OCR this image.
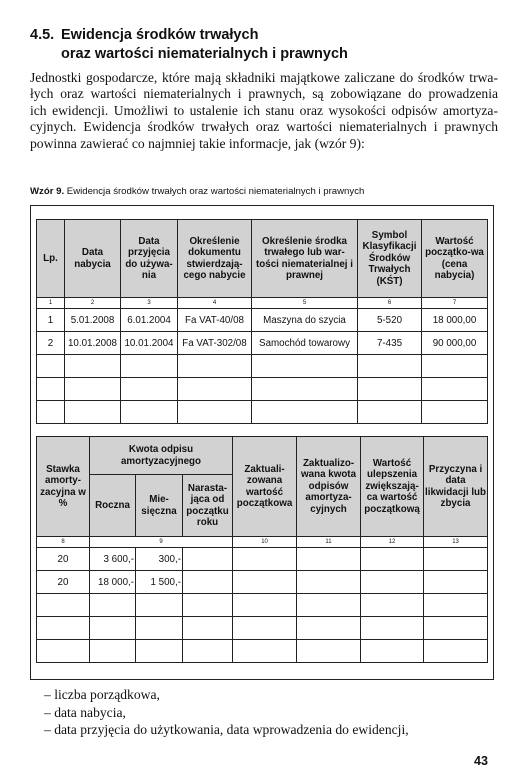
4.5. Ewidencja środków trwałych
oraz wartości niematerialnych i prawnych
Jednostki gospodarcze, które mają składniki majątkowe zaliczane do środków trwa-
łych oraz wartości niematerialnych i prawnych, są zobowiązane do prowadzenia
ich ewidencji. Umożliwi to ustalenie ich stanu oraz wysokości odpisów amortyza-
cyjnych. Ewidencja środków trwałych oraz wartości niematerialnych i prawnych
powinna zawierać co najmniej takie informacje, jak (wzór 9):
Wzór 9. Ewidencja środków trwałych oraz wartości niematerialnych i prawnych
Lp.	Data nabycia	Data przyjęcia do używa-nia	Określenie dokumentu stwierdzają-cego nabycie	Określenie środka trwałego lub war-tości niematerialnej i prawnej	Symbol Klasyfikacji Środków Trwałych (KŚT)	Wartość początko-wa (cena nabycia)
1	2	3	4	5	6	7
1	5.01.2008	6.01.2004	Fa VAT-40/08	Maszyna do szycia	5-520	18 000,00
2	10.01.2008	10.01.2004	Fa VAT-302/08	Samochód towarowy	7-435	90 000,00

Stawka amorty-zacyjna w %	Kwota odpisu amortyzacyjnego			Zaktuali-zowana wartość początkowa	Zaktualizo-wana kwota odpisów amortyza-cyjnych	Wartość ulepszenia zwiększają-ca wartość początkową	Przyczyna i data likwidacji lub zbycia
	Roczna	Mie-sięczna	Narasta-jąca od początku roku				
8	9			10	11	12	13
20	3 600,-	300,-					
20	18 000,-	1 500,-					

– liczba porządkowa,
– data nabycia,
– data przyjęcia do użytkowania, data wprowadzenia do ewidencji,
43
